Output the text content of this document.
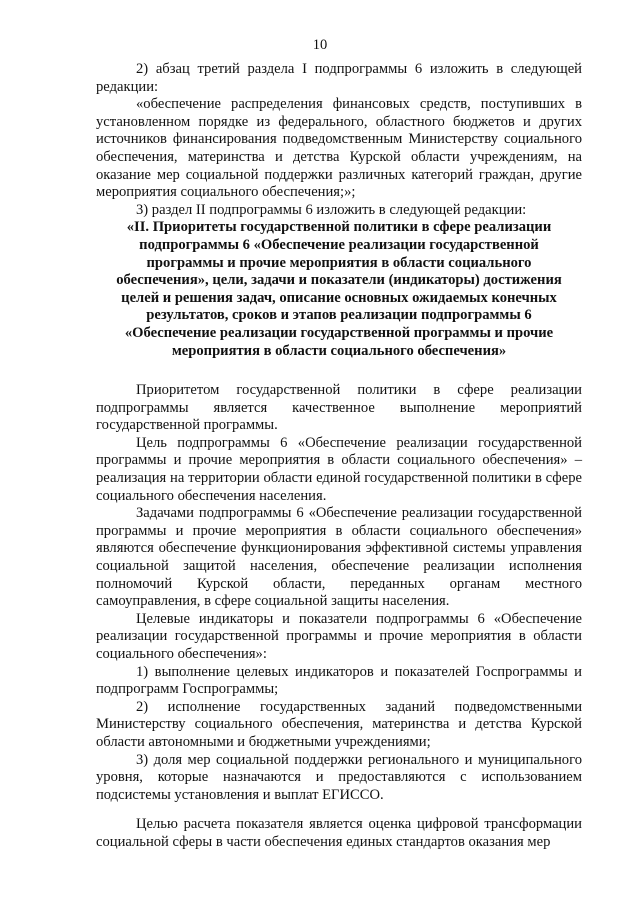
10

2) абзац третий раздела I подпрограммы 6 изложить в следующей редакции:

«обеспечение распределения финансовых средств, поступивших в установленном порядке из федерального, областного бюджетов и других источников финансирования подведомственным Министерству социального обеспечения, материнства и детства Курской области учреждениям, на оказание мер социальной поддержки различных категорий граждан, другие мероприятия социального обеспечения;»;

3) раздел II подпрограммы 6 изложить в следующей редакции:

«II. Приоритеты государственной политики в сфере реализации подпрограммы 6 «Обеспечение реализации государственной программы и прочие мероприятия в области социального обеспечения», цели, задачи и показатели (индикаторы) достижения целей и решения задач, описание основных ожидаемых конечных результатов, сроков и этапов реализации подпрограммы 6 «Обеспечение реализации государственной программы и прочие мероприятия в области социального обеспечения»

Приоритетом государственной политики в сфере реализации подпрограммы является качественное выполнение мероприятий государственной программы.

Цель подпрограммы 6 «Обеспечение реализации государственной программы и прочие мероприятия в области социального обеспечения» – реализация на территории области единой государственной политики в сфере социального обеспечения населения.

Задачами подпрограммы 6 «Обеспечение реализации государственной программы и прочие мероприятия в области социального обеспечения» являются обеспечение функционирования эффективной системы управления социальной защитой населения, обеспечение реализации исполнения полномочий Курской области, переданных органам местного самоуправления, в сфере социальной защиты населения.

Целевые индикаторы и показатели подпрограммы 6 «Обеспечение реализации государственной программы и прочие мероприятия в области социального обеспечения»:

1) выполнение целевых индикаторов и показателей Госпрограммы и подпрограмм Госпрограммы;

2) исполнение государственных заданий подведомственными Министерству социального обеспечения, материнства и детства Курской области автономными и бюджетными учреждениями;

3) доля мер социальной поддержки регионального и муниципального уровня, которые назначаются и предоставляются с использованием подсистемы установления и выплат ЕГИССО.

Целью расчета показателя является оценка цифровой трансформации социальной сферы в части обеспечения единых стандартов оказания мер
